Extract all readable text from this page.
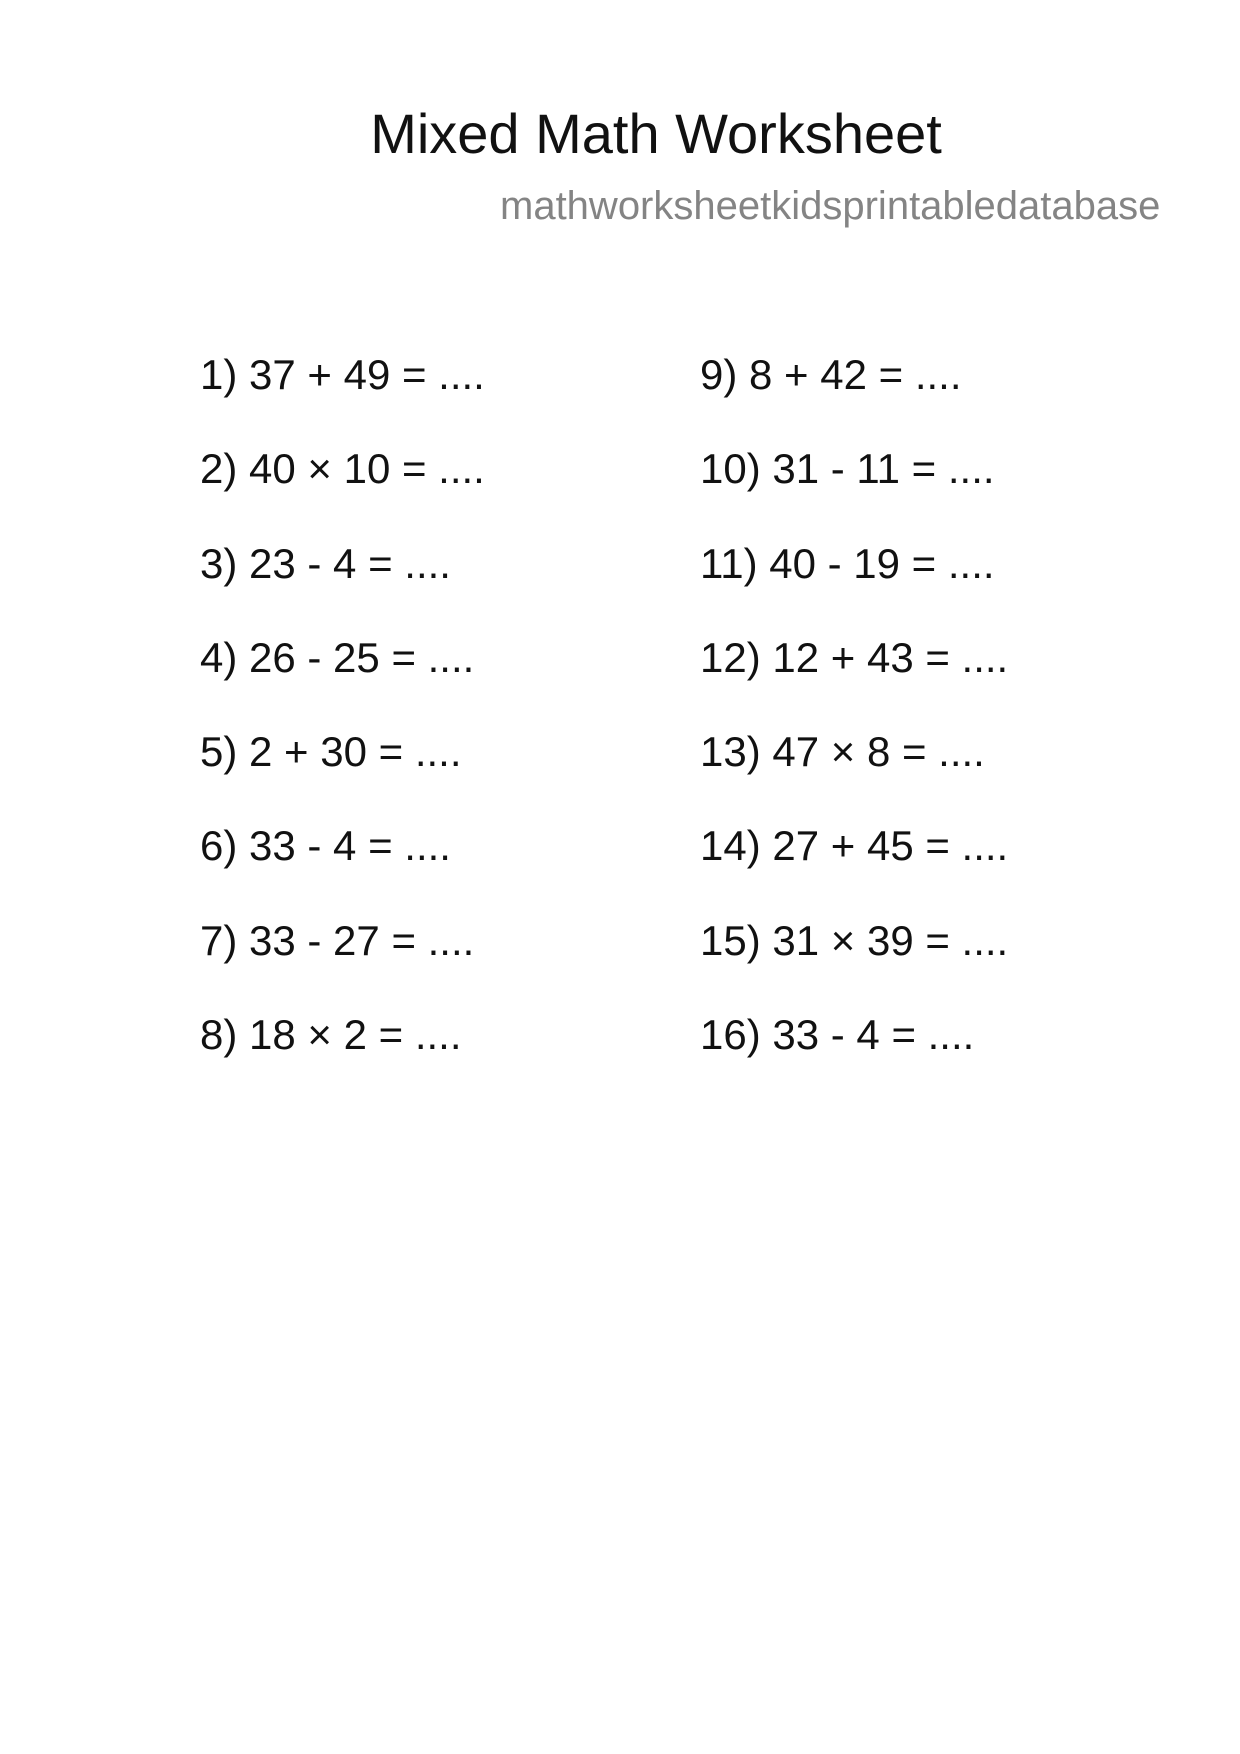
Mixed Math Worksheet
mathworksheetkidsprintabledatabase
1) 37 + 49 = ....
2) 40 × 10 = ....
3) 23 - 4 = ....
4) 26 - 25 = ....
5) 2 + 30 = ....
6) 33 - 4 = ....
7) 33 - 27 = ....
8) 18 × 2 = ....
9) 8 + 42 = ....
10) 31 - 11 = ....
11) 40 - 19 = ....
12) 12 + 43 = ....
13) 47 × 8 = ....
14) 27 + 45 = ....
15) 31 × 39 = ....
16) 33 - 4 = ....
